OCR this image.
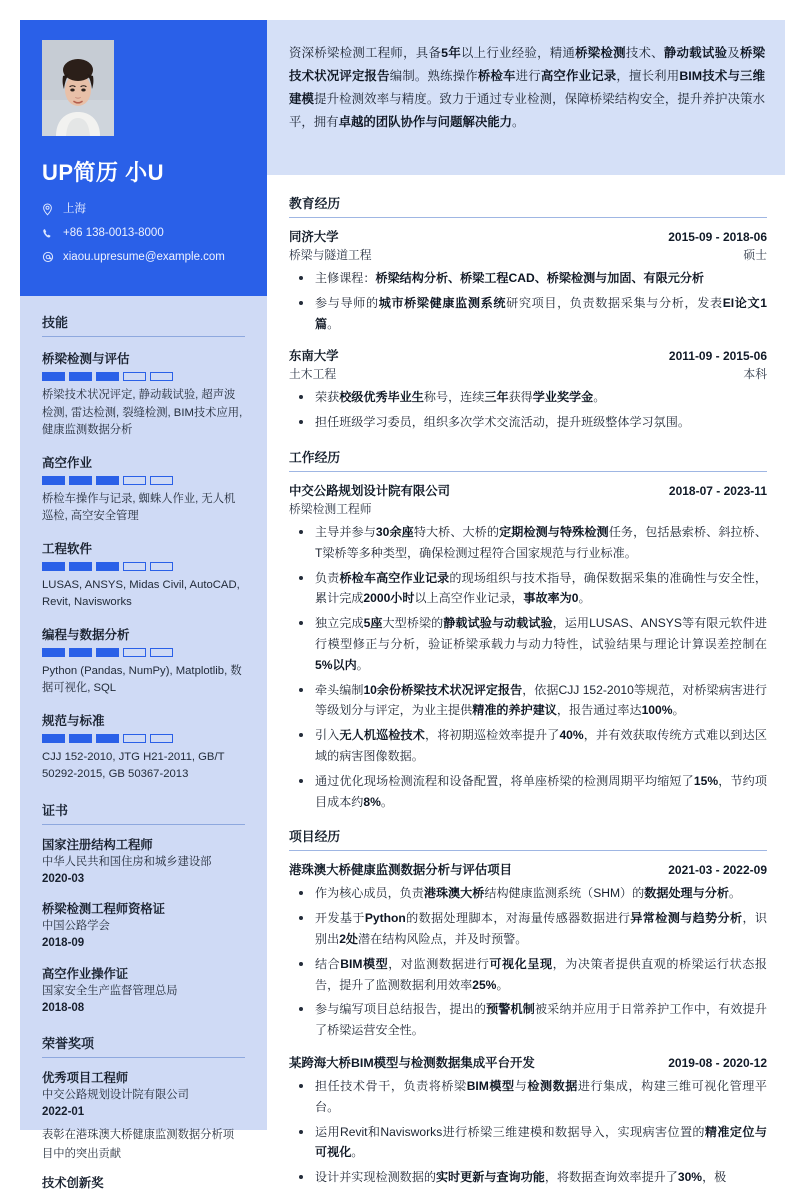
UP简历 小U
上海
+86 138-0013-8000
xiaou.upresume@example.com
技能
桥梁检测与评估
桥梁技术状况评定, 静动载试验, 超声波检测, 雷达检测, 裂缝检测, BIM技术应用, 健康监测数据分析
高空作业
桥检车操作与记录, 蜘蛛人作业, 无人机巡检, 高空安全管理
工程软件
LUSAS, ANSYS, Midas Civil, AutoCAD, Revit, Navisworks
编程与数据分析
Python (Pandas, NumPy), Matplotlib, 数据可视化, SQL
规范与标准
CJJ 152-2010, JTG H21-2011, GB/T 50292-2015, GB 50367-2013
证书
国家注册结构工程师
中华人民共和国住房和城乡建设部
2020-03
桥梁检测工程师资格证
中国公路学会
2018-09
高空作业操作证
国家安全生产监督管理总局
2018-08
荣誉奖项
优秀项目工程师
中交公路规划设计院有限公司
2022-01
表彰在港珠澳大桥健康监测数据分析项目中的突出贡献
技术创新奖

资深桥梁检测工程师，具备5年以上行业经验，精通桥梁检测技术、静动载试验及桥梁技术状况评定报告编制。熟练操作桥检车进行高空作业记录，擅长利用BIM技术与三维建模提升检测效率与精度。致力于通过专业检测，保障桥梁结构安全，提升养护决策水平，拥有卓越的团队协作与问题解决能力。

教育经历
同济大学	2015-09 - 2018-06
桥梁与隧道工程	硕士
主修课程：桥梁结构分析、桥梁工程CAD、桥梁检测与加固、有限元分析
参与导师的城市桥梁健康监测系统研究项目，负责数据采集与分析，发表EI论文1篇。
东南大学	2011-09 - 2015-06
土木工程	本科
荣获校级优秀毕业生称号，连续三年获得学业奖学金。
担任班级学习委员，组织多次学术交流活动，提升班级整体学习氛围。
工作经历
中交公路规划设计院有限公司	2018-07 - 2023-11
桥梁检测工程师
主导并参与30余座特大桥、大桥的定期检测与特殊检测任务，包括悬索桥、斜拉桥、T梁桥等多种类型，确保检测过程符合国家规范与行业标准。
负责桥检车高空作业记录的现场组织与技术指导，确保数据采集的准确性与安全性，累计完成2000小时以上高空作业记录，事故率为0。
独立完成5座大型桥梁的静载试验与动载试验，运用LUSAS、ANSYS等有限元软件进行模型修正与分析，验证桥梁承载力与动力特性，试验结果与理论计算误差控制在5%以内。
牵头编制10余份桥梁技术状况评定报告，依据CJJ 152-2010等规范，对桥梁病害进行等级划分与评定，为业主提供精准的养护建议，报告通过率达100%。
引入无人机巡检技术，将初期巡检效率提升了40%，并有效获取传统方式难以到达区域的病害图像数据。
通过优化现场检测流程和设备配置，将单座桥梁的检测周期平均缩短了15%，节约项目成本约8%。
项目经历
港珠澳大桥健康监测数据分析与评估项目	2021-03 - 2022-09
作为核心成员，负责港珠澳大桥结构健康监测系统（SHM）的数据处理与分析。
开发基于Python的数据处理脚本，对海量传感器数据进行异常检测与趋势分析，识别出2处潜在结构风险点，并及时预警。
结合BIM模型，对监测数据进行可视化呈现，为决策者提供直观的桥梁运行状态报告，提升了监测数据利用效率25%。
参与编写项目总结报告，提出的预警机制被采纳并应用于日常养护工作中，有效提升了桥梁运营安全性。
某跨海大桥BIM模型与检测数据集成平台开发	2019-08 - 2020-12
担任技术骨干，负责将桥梁BIM模型与检测数据进行集成，构建三维可视化管理平台。
运用Revit和Navisworks进行桥梁三维建模和数据导入，实现病害位置的精准定位与可视化。
设计并实现检测数据的实时更新与查询功能，将数据查询效率提升了30%，极
